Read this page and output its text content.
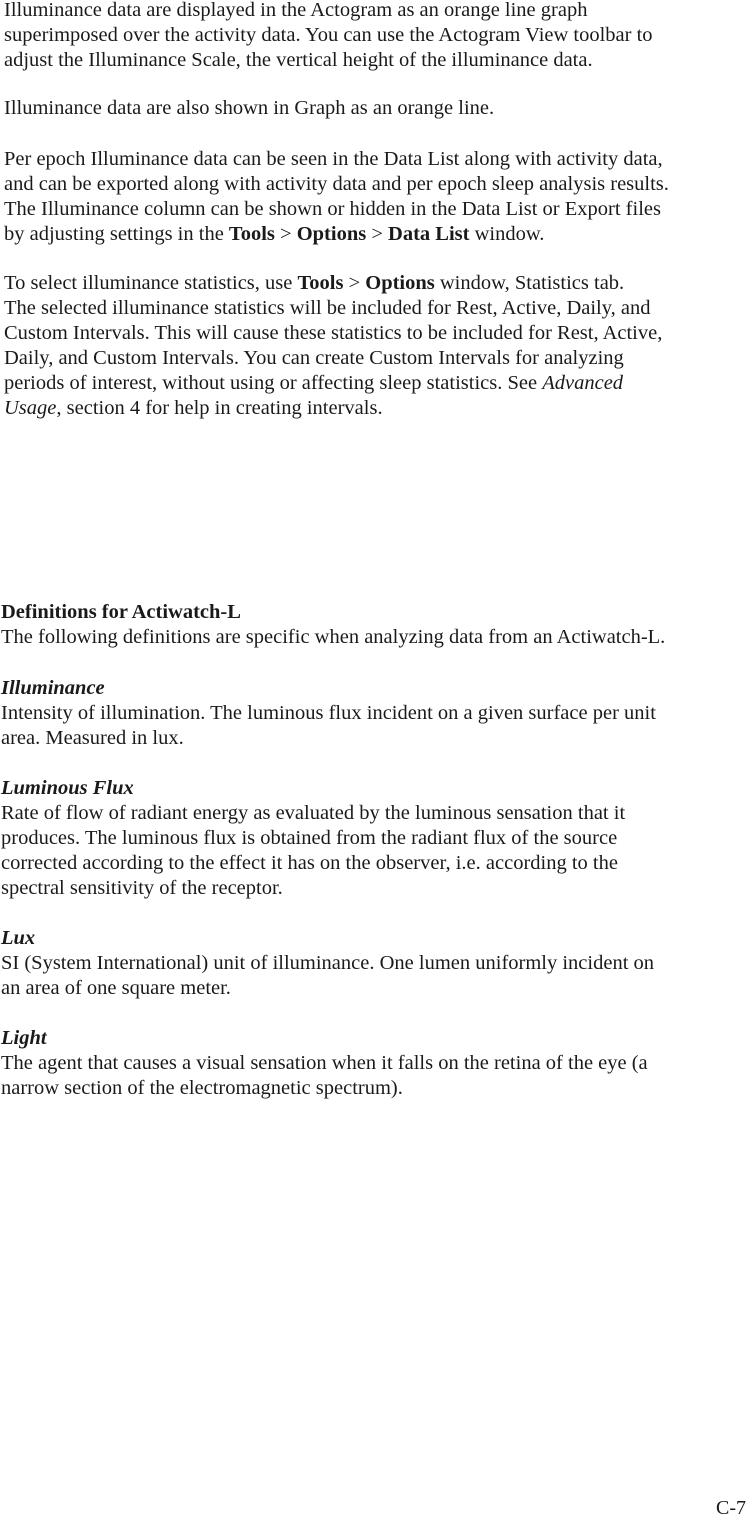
Illuminance data are displayed in the Actogram as an orange line graph
superimposed over the activity data. You can use the Actogram View toolbar to
adjust the Illuminance Scale, the vertical height of the illuminance data.
Illuminance data are also shown in Graph as an orange line.
Per epoch Illuminance data can be seen in the Data List along with activity data,
and can be exported along with activity data and per epoch sleep analysis results.
The Illuminance column can be shown or hidden in the Data List or Export files
by adjusting settings in the Tools > Options > Data List window.
To select illuminance statistics, use Tools > Options window, Statistics tab.
The selected illuminance statistics will be included for Rest, Active, Daily, and
Custom Intervals. This will cause these statistics to be included for Rest, Active,
Daily, and Custom Intervals. You can create Custom Intervals for analyzing
periods of interest, without using or affecting sleep statistics. See Advanced
Usage, section 4 for help in creating intervals.
Definitions for Actiwatch-L
The following definitions are specific when analyzing data from an Actiwatch-L.
Illuminance
Intensity of illumination. The luminous flux incident on a given surface per unit
area. Measured in lux.
Luminous Flux
Rate of flow of radiant energy as evaluated by the luminous sensation that it
produces. The luminous flux is obtained from the radiant flux of the source
corrected according to the effect it has on the observer, i.e. according to the
spectral sensitivity of the receptor.
Lux
SI (System International) unit of illuminance. One lumen uniformly incident on
an area of one square meter.
Light
The agent that causes a visual sensation when it falls on the retina of the eye (a
narrow section of the electromagnetic spectrum).
C-7
